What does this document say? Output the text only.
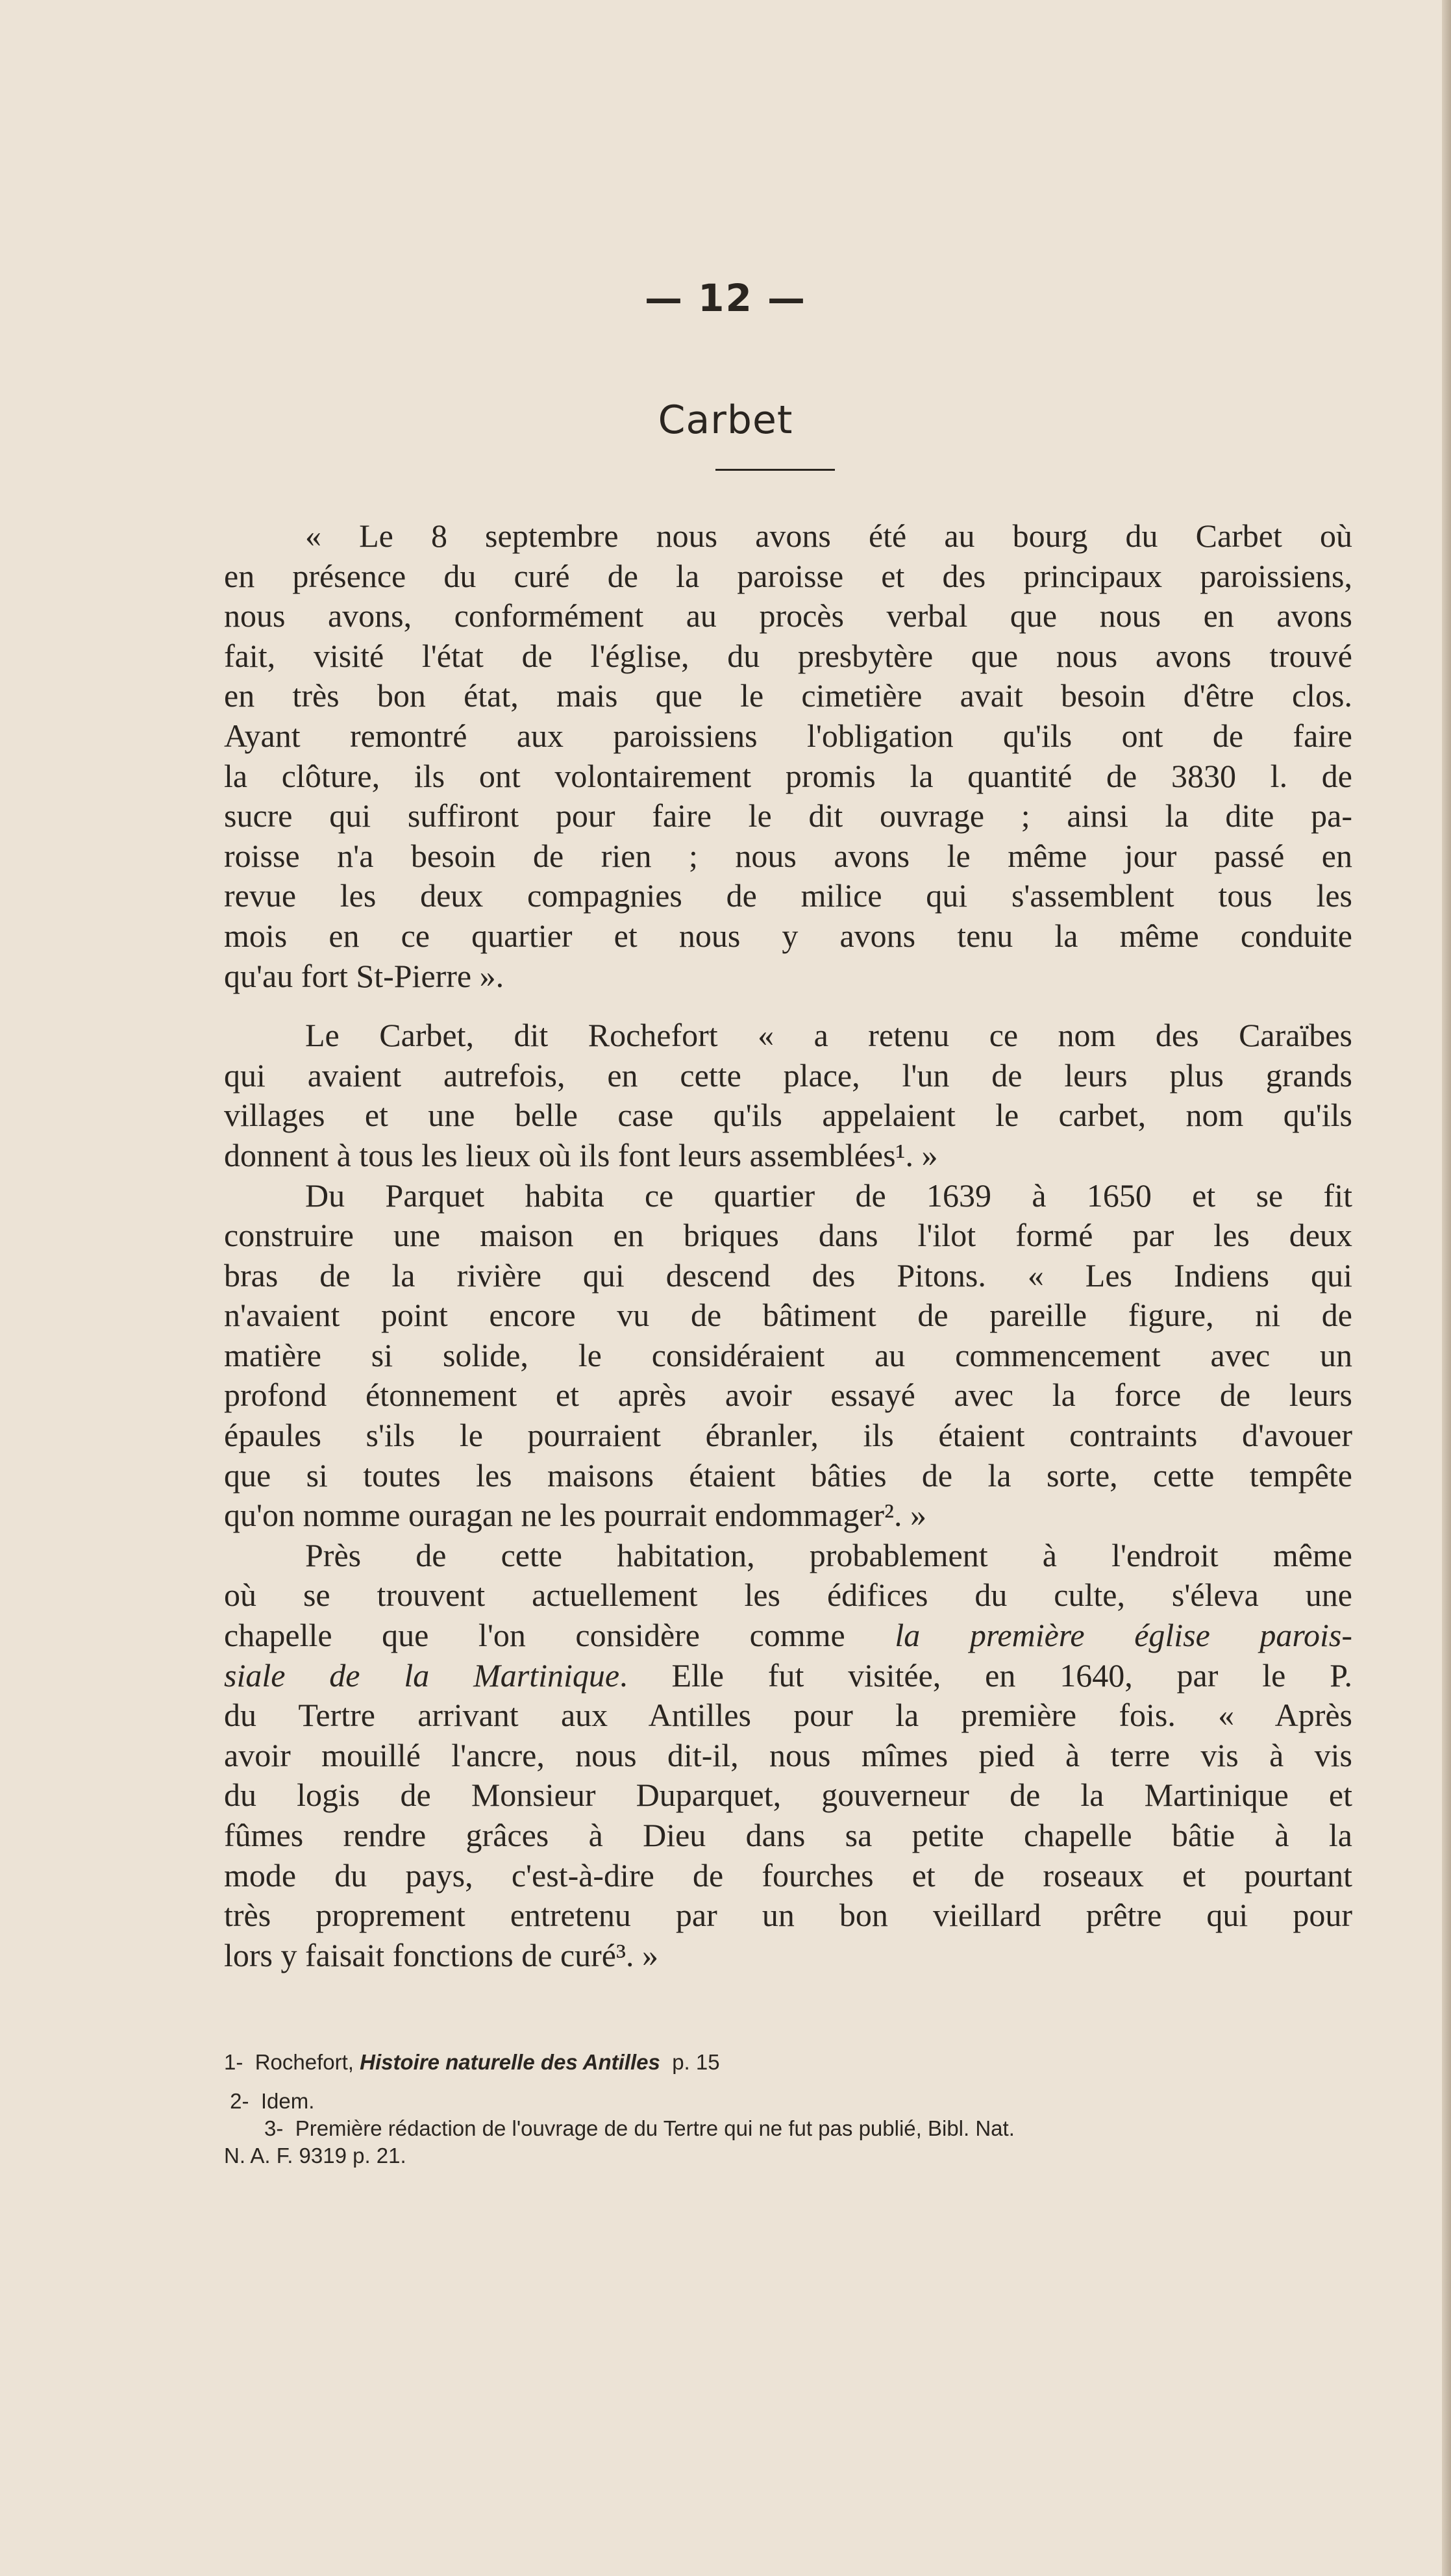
— 12 —
Carbet
« Le 8 septembre nous avons été au bourg du Carbet où
en présence du curé de la paroisse et des principaux paroissiens,
nous avons, conformément au procès verbal que nous en avons
fait, visité l'état de l'église, du presbytère que nous avons trouvé
en très bon état, mais que le cimetière avait besoin d'être clos.
Ayant remontré aux paroissiens l'obligation qu'ils ont de faire
la clôture, ils ont volontairement promis la quantité de 3830 l. de
sucre qui suffiront pour faire le dit ouvrage ; ainsi la dite pa-
roisse n'a besoin de rien ; nous avons le même jour passé en
revue les deux compagnies de milice qui s'assemblent tous les
mois en ce quartier et nous y avons tenu la même conduite
qu'au fort St-Pierre ».
Le Carbet, dit Rochefort « a retenu ce nom des Caraïbes
qui avaient autrefois, en cette place, l'un de leurs plus grands
villages et une belle case qu'ils appelaient le carbet, nom qu'ils
donnent à tous les lieux où ils font leurs assemblées¹. »
Du Parquet habita ce quartier de 1639 à 1650 et se fit
construire une maison en briques dans l'ilot formé par les deux
bras de la rivière qui descend des Pitons. « Les Indiens qui
n'avaient point encore vu de bâtiment de pareille figure, ni de
matière si solide, le considéraient au commencement avec un
profond étonnement et après avoir essayé avec la force de leurs
épaules s'ils le pourraient ébranler, ils étaient contraints d'avouer
que si toutes les maisons étaient bâties de la sorte, cette tempête
qu'on nomme ouragan ne les pourrait endommager². »
Près de cette habitation, probablement à l'endroit même
où se trouvent actuellement les édifices du culte, s'éleva une
chapelle que l'on considère comme la première église parois-
siale de la Martinique. Elle fut visitée, en 1640, par le P.
du Tertre arrivant aux Antilles pour la première fois. « Après
avoir mouillé l'ancre, nous dit-il, nous mîmes pied à terre vis à vis
du logis de Monsieur Duparquet, gouverneur de la Martinique et
fûmes rendre grâces à Dieu dans sa petite chapelle bâtie à la
mode du pays, c'est-à-dire de fourches et de roseaux et pourtant
très proprement entretenu par un bon vieillard prêtre qui pour
lors y faisait fonctions de curé³. »
1- Rochefort, Histoire naturelle des Antilles p. 15
2- Idem.
3- Première rédaction de l'ouvrage de du Tertre qui ne fut pas publié, Bibl. Nat.
N. A. F. 9319 p. 21.
